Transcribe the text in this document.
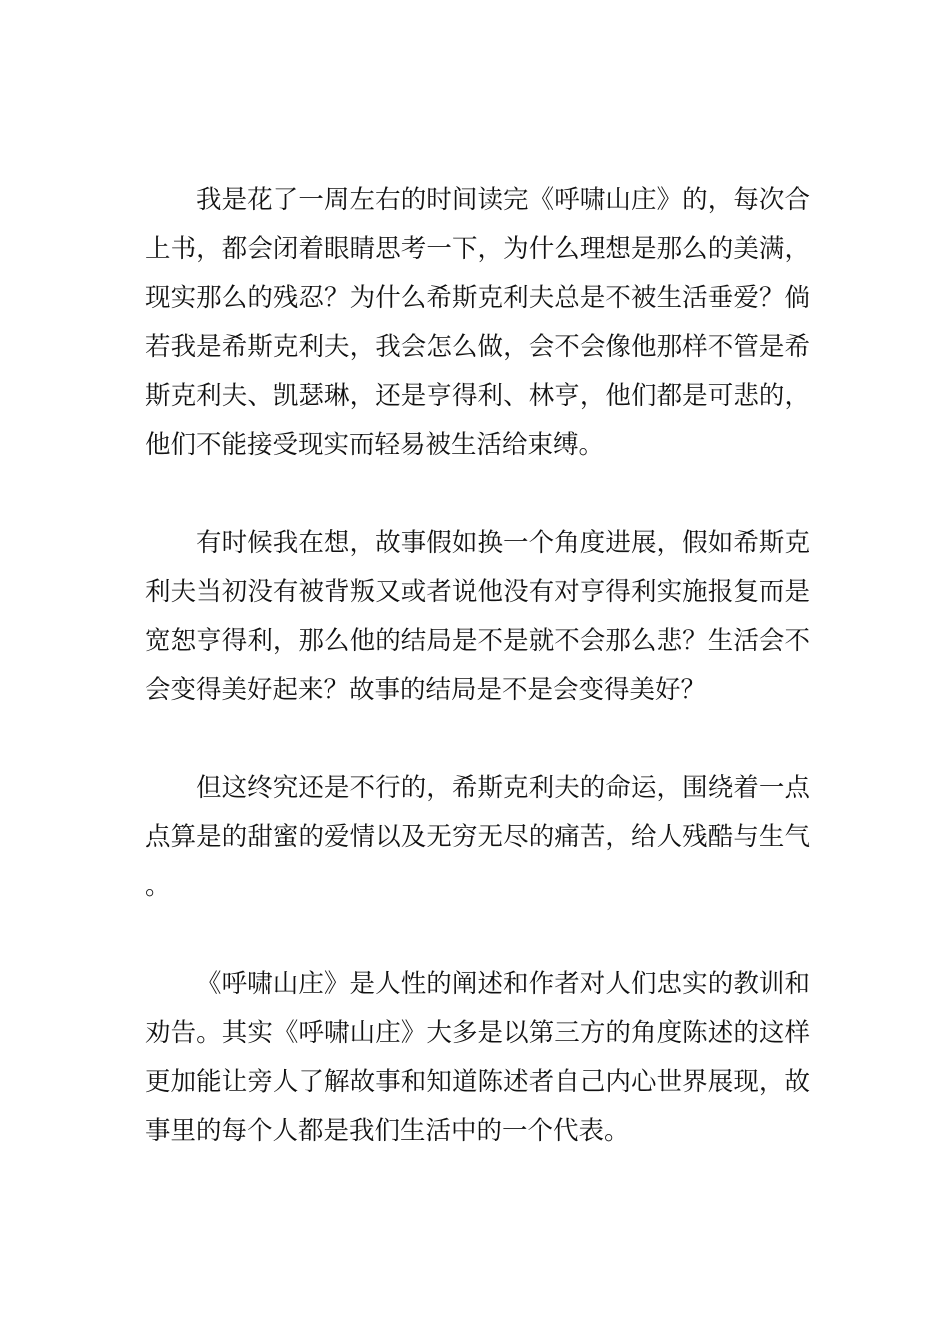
我是花了一周左右的时间读完《呼啸山庄》的，每次合上书，都会闭着眼睛思考一下，为什么理想是那么的美满，现实那么的残忍？为什么希斯克利夫总是不被生活垂爱？倘若我是希斯克利夫，我会怎么做，会不会像他那样不管是希斯克利夫、凯瑟琳，还是亨得利、林亨，他们都是可悲的，他们不能接受现实而轻易被生活给束缚。

有时候我在想，故事假如换一个角度进展，假如希斯克利夫当初没有被背叛又或者说他没有对亨得利实施报复而是宽恕亨得利，那么他的结局是不是就不会那么悲？生活会不会变得美好起来？故事的结局是不是会变得美好？

但这终究还是不行的，希斯克利夫的命运，围绕着一点点算是的甜蜜的爱情以及无穷无尽的痛苦，给人残酷与生气。

《呼啸山庄》是人性的阐述和作者对人们忠实的教训和劝告。其实《呼啸山庄》大多是以第三方的角度陈述的这样更加能让旁人了解故事和知道陈述者自己内心世界展现，故事里的每个人都是我们生活中的一个代表。
